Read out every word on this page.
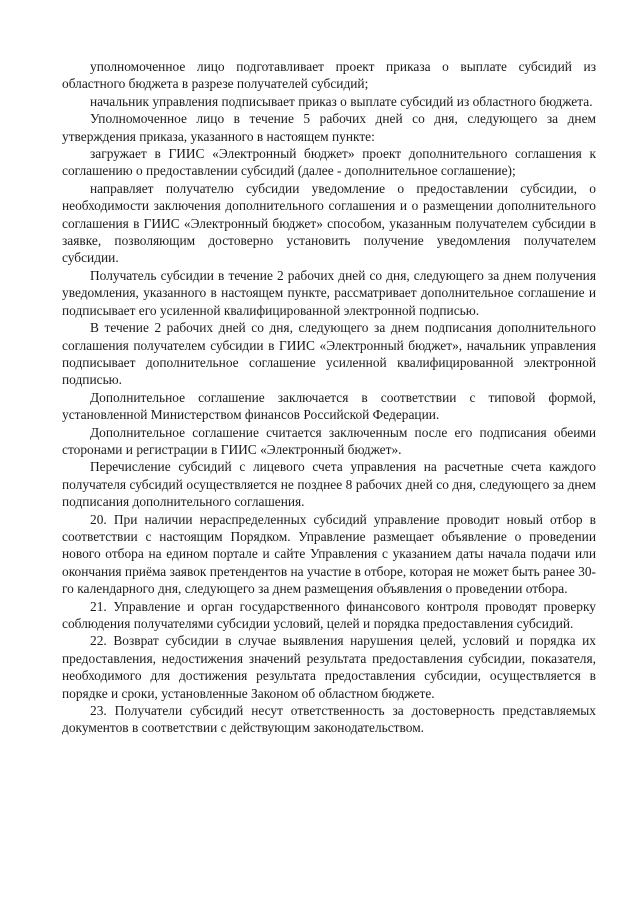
уполномоченное лицо подготавливает проект приказа о выплате субсидий из областного бюджета в разрезе получателей субсидий;

начальник управления подписывает приказ о выплате субсидий из областного бюджета.

Уполномоченное лицо в течение 5 рабочих дней со дня, следующего за днем утверждения приказа, указанного в настоящем пункте:

загружает в ГИИС «Электронный бюджет» проект дополнительного соглашения к соглашению о предоставлении субсидий (далее - дополнительное соглашение);

направляет получателю субсидии уведомление о предоставлении субсидии, о необходимости заключения дополнительного соглашения и о размещении дополнительного соглашения в ГИИС «Электронный бюджет» способом, указанным получателем субсидии в заявке, позволяющим достоверно установить получение уведомления получателем субсидии.

Получатель субсидии в течение 2 рабочих дней со дня, следующего за днем получения уведомления, указанного в настоящем пункте, рассматривает дополнительное соглашение и подписывает его усиленной квалифицированной электронной подписью.

В течение 2 рабочих дней со дня, следующего за днем подписания дополнительного соглашения получателем субсидии в ГИИС «Электронный бюджет», начальник управления подписывает дополнительное соглашение усиленной квалифицированной электронной подписью.

Дополнительное соглашение заключается в соответствии с типовой формой, установленной Министерством финансов Российской Федерации.

Дополнительное соглашение считается заключенным после его подписания обеими сторонами и регистрации в ГИИС «Электронный бюджет».

Перечисление субсидий с лицевого счета управления на расчетные счета каждого получателя субсидий осуществляется не позднее 8 рабочих дней со дня, следующего за днем подписания дополнительного соглашения.

20. При наличии нераспределенных субсидий управление проводит новый отбор в соответствии с настоящим Порядком. Управление размещает объявление о проведении нового отбора на едином портале и сайте Управления с указанием даты начала подачи или окончания приёма заявок претендентов на участие в отборе, которая не может быть ранее 30-го календарного дня, следующего за днем размещения объявления о проведении отбора.

21. Управление и орган государственного финансового контроля проводят проверку соблюдения получателями субсидии условий, целей и порядка предоставления субсидий.

22. Возврат субсидии в случае выявления нарушения целей, условий и порядка их предоставления, недостижения значений результата предоставления субсидии, показателя, необходимого для достижения результата предоставления субсидии, осуществляется в порядке и сроки, установленные Законом об областном бюджете.

23. Получатели субсидий несут ответственность за достоверность представляемых документов в соответствии с действующим законодательством.
